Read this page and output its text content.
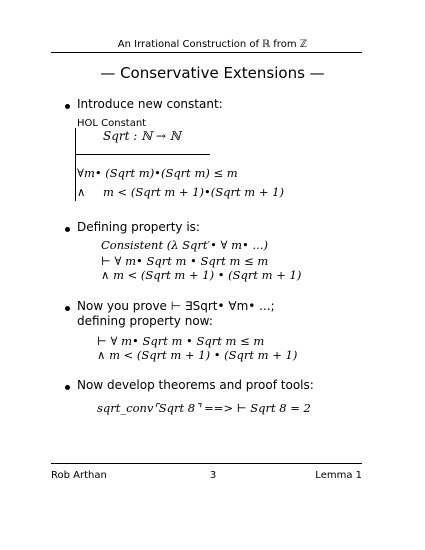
An Irrational Construction of ℝ from ℤ
— Conservative Extensions —
Introduce new constant:
HOL Constant
Sqrt : ℕ → ℕ
∀m• (Sqrt m)•(Sqrt m) ≤ m
∧ m < (Sqrt m + 1)•(Sqrt m + 1)
Defining property is:
Consistent (λ Sqrt′• ∀ m• ...)
⊢ ∀ m• Sqrt m • Sqrt m ≤ m
∧ m < (Sqrt m + 1) • (Sqrt m + 1)
Now you prove ⊢ ∃Sqrt• ∀m• ...;
defining property now:
⊢ ∀ m• Sqrt m • Sqrt m ≤ m
∧ m < (Sqrt m + 1) • (Sqrt m + 1)
Now develop theorems and proof tools:
sqrt_conv⌜Sqrt 8⌝ ==> ⊢ Sqrt 8 = 2
Rob Arthan	3	Lemma 1
